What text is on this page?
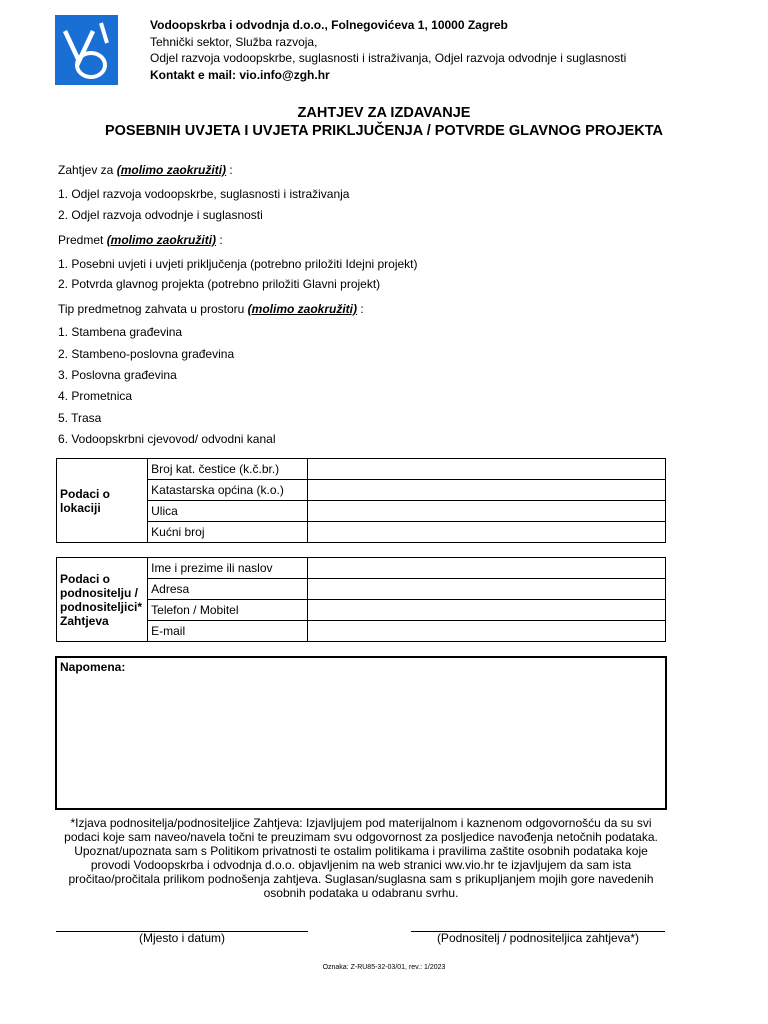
Vodoopskrba i odvodnja d.o.o., Folnegovićeva 1, 10000 Zagreb
Tehnički sektor, Služba razvoja,
Odjel razvoja vodoopskrbe, suglasnosti i istraživanja, Odjel razvoja odvodnje i suglasnosti
Kontakt e mail: vio.info@zgh.hr
ZAHTJEV ZA IZDAVANJE
POSEBNIH UVJETA I UVJETA PRIKLJUČENJA / POTVRDE GLAVNOG PROJEKTA
Zahtjev za (molimo zaokružiti) :
1. Odjel razvoja vodoopskrbe, suglasnosti i istraživanja
2. Odjel razvoja odvodnje i suglasnosti
Predmet (molimo zaokružiti) :
1. Posebni uvjeti i uvjeti priključenja (potrebno priložiti Idejni projekt)
2. Potvrda glavnog projekta (potrebno priložiti Glavni projekt)
Tip predmetnog zahvata u prostoru (molimo zaokružiti) :
1. Stambena građevina
2. Stambeno-poslovna građevina
3. Poslovna građevina
4. Prometnica
5. Trasa
6. Vodoopskrbni cjevovod/ odvodni kanal
Podaci o lokaciji	Broj kat. čestice (k.č.br.)	
	Katastarska općina (k.o.)	
	Ulica	
	Kućni broj	
Podaci o podnositelju / podnositeljici* Zahtjeva	Ime i prezime ili naslov	
	Adresa	
	Telefon / Mobitel	
	E-mail	
Napomena:
*Izjava podnositelja/podnositeljice Zahtjeva: Izjavljujem pod materijalnom i kaznenom odgovornošću da su svi podaci koje sam naveo/navela točni te preuzimam svu odgovornost za posljedice navođenja netočnih podataka. Upoznat/upoznata sam s Politikom privatnosti te ostalim politikama i pravilima zaštite osobnih podataka koje provodi Vodoopskrba i odvodnja d.o.o. objavljenim na web stranici ww.vio.hr te izjavljujem da sam ista pročitao/pročitala prilikom podnošenja zahtjeva. Suglasan/suglasna sam s prikupljanjem mojih gore navedenih osobnih podataka u odabranu svrhu.
(Mjesto i datum)	(Podnositelj / podnositeljica zahtjeva*)
Oznaka: Z-RU85-32-03/01, rev.: 1/2023
